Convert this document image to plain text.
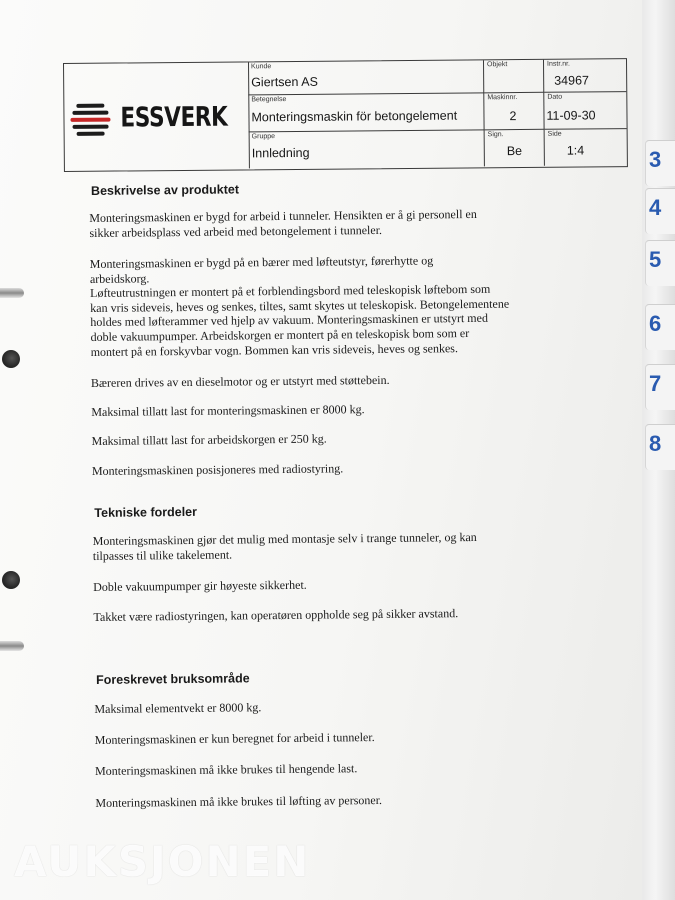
3
4
5
6
7
8
ESSVERK
Kunde
Giertsen AS
Objekt	Instr.nr.
34967
Betegnelse
Monteringsmaskin för betongelement
Maskinnr.
2
Dato
11-09-30
Gruppe
Innledning
Sign.
Be
Side
1:4
Beskrivelse av produktet
Monteringsmaskinen er bygd for arbeid i tunneler. Hensikten er å gi personell en
sikker arbeidsplass ved arbeid med betongelement i tunneler.
Monteringsmaskinen er bygd på en bærer med løfteutstyr, førerhytte og
arbeidskorg.
Løfteutrustningen er montert på et forblendingsbord med teleskopisk løftebom som
kan vris sideveis, heves og senkes, tiltes, samt skytes ut teleskopisk. Betongelementene
holdes med løfterammer ved hjelp av vakuum. Monteringsmaskinen er utstyrt med
doble vakuumpumper. Arbeidskorgen er montert på en teleskopisk bom som er
montert på en forskyvbar vogn. Bommen kan vris sideveis, heves og senkes.
Bæreren drives av en dieselmotor og er utstyrt med støttebein.
Maksimal tillatt last for monteringsmaskinen er 8000 kg.
Maksimal tillatt last for arbeidskorgen er 250 kg.
Monteringsmaskinen posisjoneres med radiostyring.
Tekniske fordeler
Monteringsmaskinen gjør det mulig med montasje selv i trange tunneler, og kan
tilpasses til ulike takelement.
Doble vakuumpumper gir høyeste sikkerhet.
Takket være radiostyringen, kan operatøren oppholde seg på sikker avstand.
Foreskrevet bruksområde
Maksimal elementvekt er 8000 kg.
Monteringsmaskinen er kun beregnet for arbeid i tunneler.
Monteringsmaskinen må ikke brukes til hengende last.
Monteringsmaskinen må ikke brukes til løfting av personer.
AUKSJONEN
